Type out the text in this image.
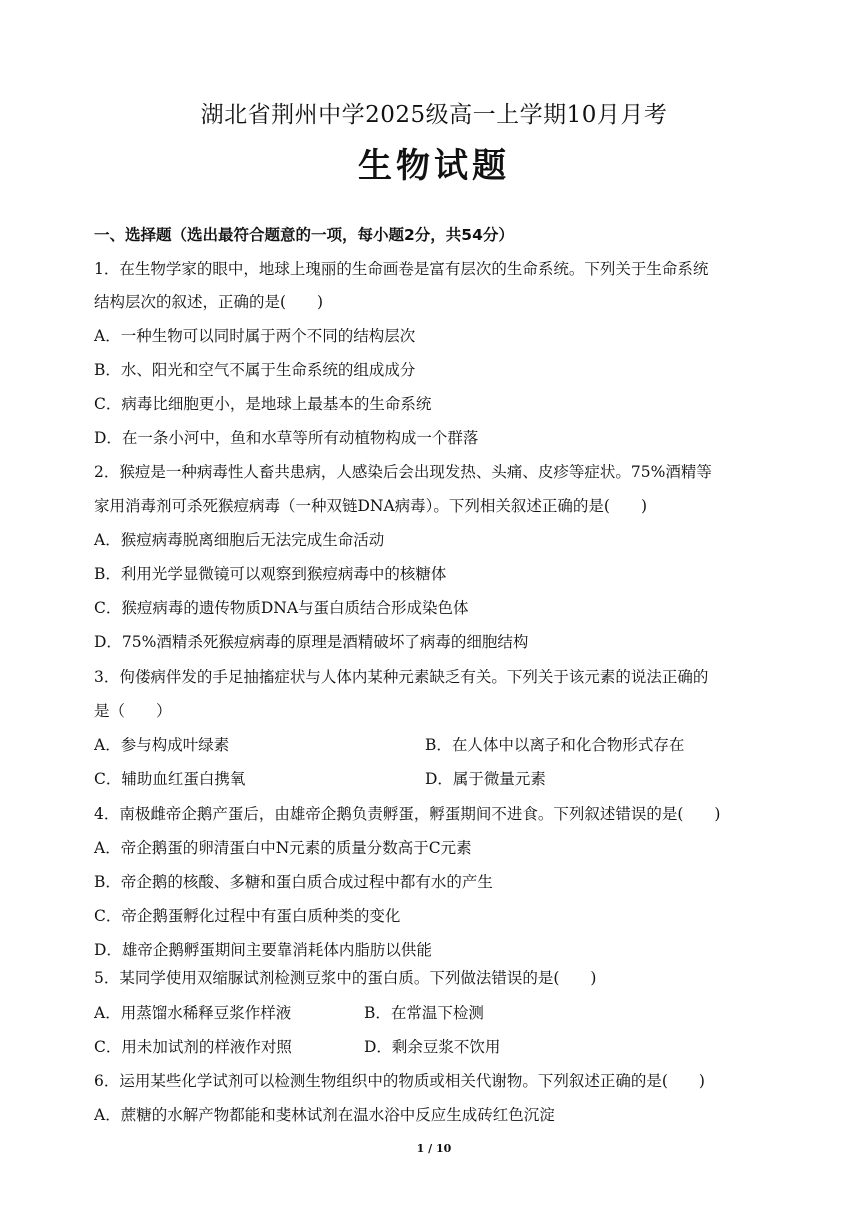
湖北省荆州中学2025级高一上学期10月月考
生物试题
一、选择题（选出最符合题意的一项，每小题2分，共54分）
1．在生物学家的眼中，地球上瑰丽的生命画卷是富有层次的生命系统。下列关于生命系统
结构层次的叙述，正确的是(　　)
A．一种生物可以同时属于两个不同的结构层次
B．水、阳光和空气不属于生命系统的组成成分
C．病毒比细胞更小，是地球上最基本的生命系统
D．在一条小河中，鱼和水草等所有动植物构成一个群落
2．猴痘是一种病毒性人畜共患病，人感染后会出现发热、头痛、皮疹等症状。75%酒精等
家用消毒剂可杀死猴痘病毒（一种双链DNA病毒）。下列相关叙述正确的是(　　)
A．猴痘病毒脱离细胞后无法完成生命活动
B．利用光学显微镜可以观察到猴痘病毒中的核糖体
C．猴痘病毒的遗传物质DNA与蛋白质结合形成染色体
D．75%酒精杀死猴痘病毒的原理是酒精破坏了病毒的细胞结构
3．佝偻病伴发的手足抽搐症状与人体内某种元素缺乏有关。下列关于该元素的说法正确的
是（　　）
A．参与构成叶绿素	B．在人体中以离子和化合物形式存在
C．辅助血红蛋白携氧	D．属于微量元素
4．南极雌帝企鹅产蛋后，由雄帝企鹅负责孵蛋，孵蛋期间不进食。下列叙述错误的是(　　)
A．帝企鹅蛋的卵清蛋白中N元素的质量分数高于C元素
B．帝企鹅的核酸、多糖和蛋白质合成过程中都有水的产生
C．帝企鹅蛋孵化过程中有蛋白质种类的变化
D．雄帝企鹅孵蛋期间主要靠消耗体内脂肪以供能
5．某同学使用双缩脲试剂检测豆浆中的蛋白质。下列做法错误的是(　　)
A．用蒸馏水稀释豆浆作样液	B．在常温下检测
C．用未加试剂的样液作对照	D．剩余豆浆不饮用
6．运用某些化学试剂可以检测生物组织中的物质或相关代谢物。下列叙述正确的是(　　)
A．蔗糖的水解产物都能和斐林试剂在温水浴中反应生成砖红色沉淀
1 / 10
